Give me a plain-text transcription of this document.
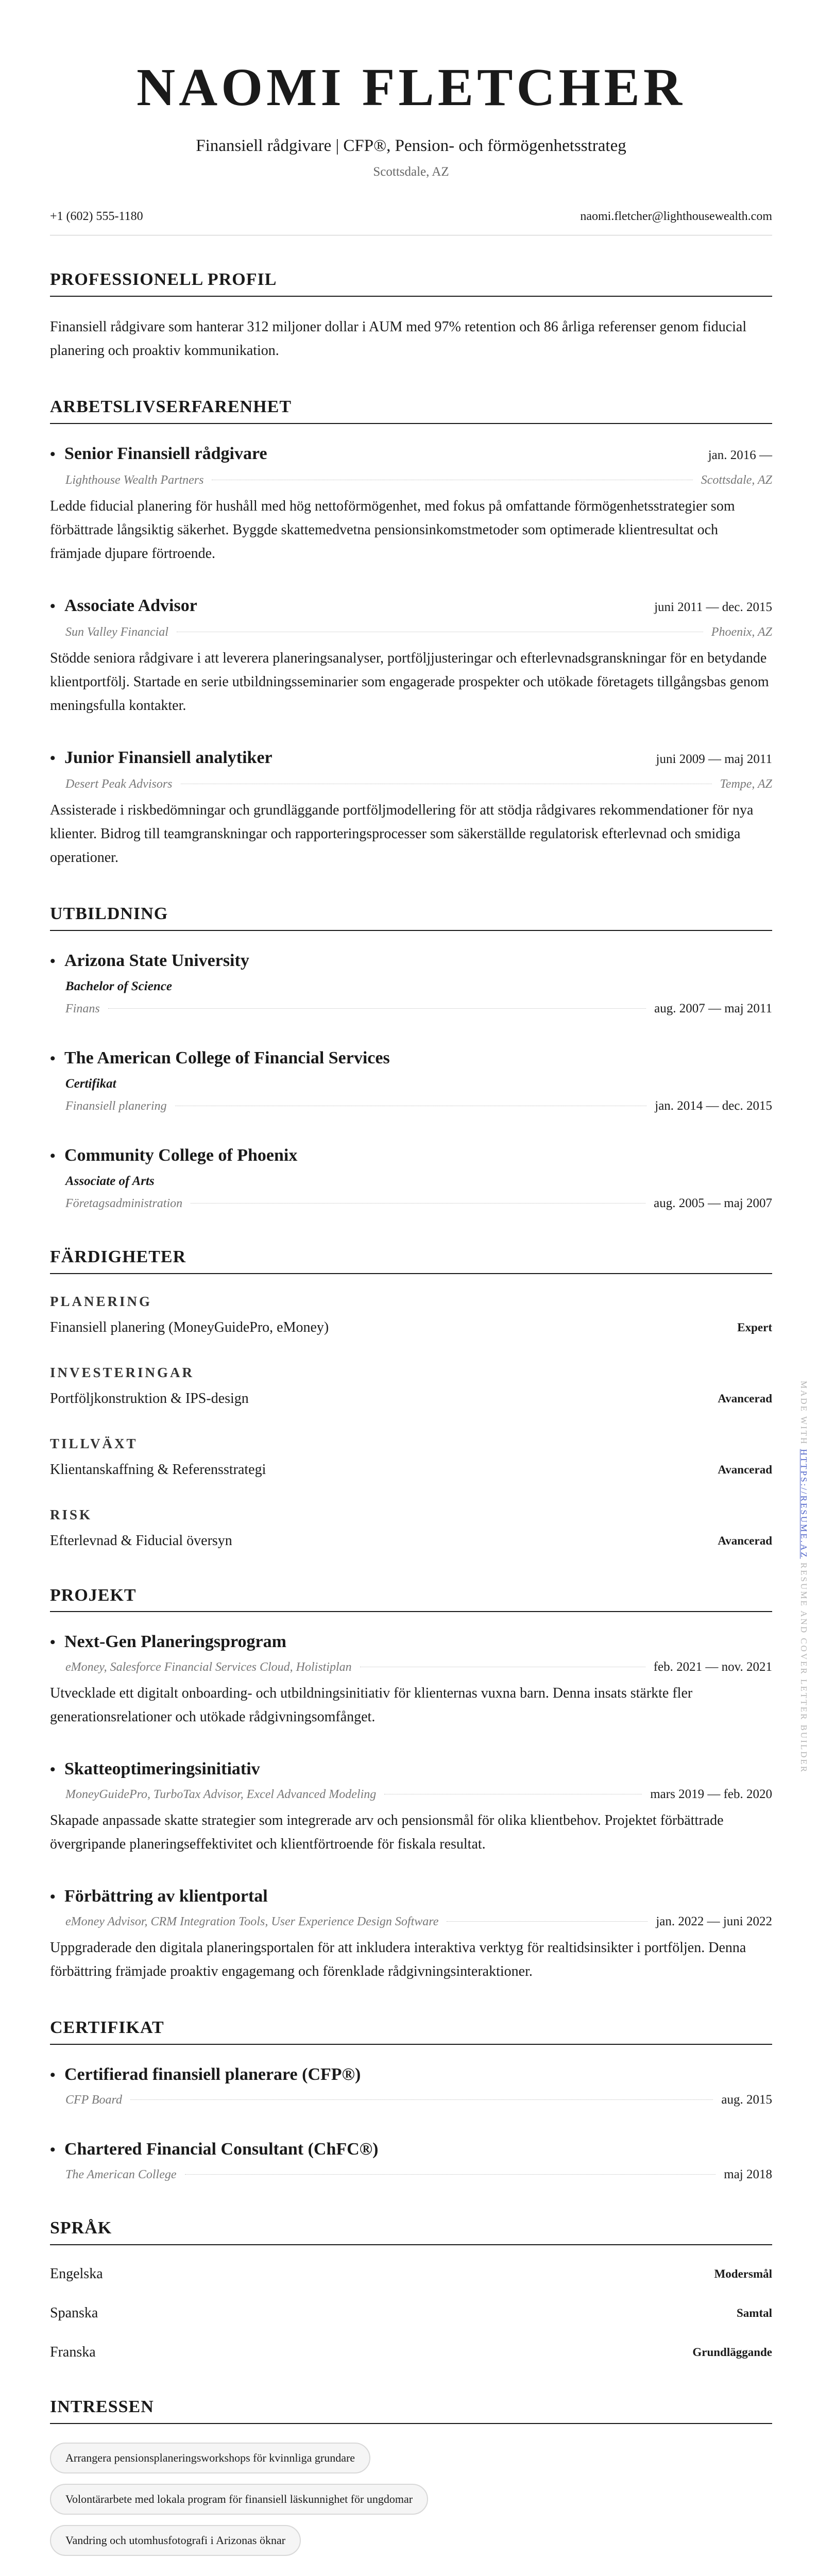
NAOMI FLETCHER
Finansiell rådgivare | CFP®, Pension- och förmögenhetsstrateg
Scottsdale, AZ
+1 (602) 555-1180	naomi.fletcher@lighthousewealth.com
PROFESSIONELL PROFIL

Finansiell rådgivare som hanterar 312 miljoner dollar i AUM med 97% retention och 86 årliga referenser genom fiducial planering och proaktiv kommunikation.

ARBETSLIVSERFARENHET
• Senior Finansiell rådgivare	jan. 2016 —
Lighthouse Wealth Partners	Scottsdale, AZ

Ledde fiducial planering för hushåll med hög nettoförmögenhet, med fokus på omfattande förmögenhetsstrategier som förbättrade långsiktig säkerhet. Byggde skattemedvetna pensionsinkomstmetoder som optimerade klientresultat och främjade djupare förtroende.

• Associate Advisor	juni 2011 — dec. 2015
Sun Valley Financial	Phoenix, AZ

Stödde seniora rådgivare i att leverera planeringsanalyser, portföljjusteringar och efterlevnadsgranskningar för en betydande klientportfölj. Startade en serie utbildningsseminarier som engagerade prospekter och utökade företagets tillgångsbas genom meningsfulla kontakter.

• Junior Finansiell analytiker	juni 2009 — maj 2011
Desert Peak Advisors	Tempe, AZ

Assisterade i riskbedömningar och grundläggande portföljmodellering för att stödja rådgivares rekommendationer för nya klienter. Bidrog till teamgranskningar och rapporteringsprocesser som säkerställde regulatorisk efterlevnad och smidiga operationer.

UTBILDNING
• Arizona State University
Bachelor of Science
Finans	aug. 2007 — maj 2011
• The American College of Financial Services
Certifikat
Finansiell planering	jan. 2014 — dec. 2015
• Community College of Phoenix
Associate of Arts
Företagsadministration	aug. 2005 — maj 2007
FÄRDIGHETER
PLANERING
Finansiell planering (MoneyGuidePro, eMoney)	Expert
INVESTERINGAR
Portföljkonstruktion & IPS-design	Avancerad
TILLVÄXT
Klientanskaffning & Referensstrategi	Avancerad
RISK
Efterlevnad & Fiducial översyn	Avancerad
PROJEKT
• Next-Gen Planeringsprogram
eMoney, Salesforce Financial Services Cloud, Holistiplan	feb. 2021 — nov. 2021

Utvecklade ett digitalt onboarding- och utbildningsinitiativ för klienternas vuxna barn. Denna insats stärkte fler generationsrelationer och utökade rådgivningsomfånget.

• Skatteoptimeringsinitiativ
MoneyGuidePro, TurboTax Advisor, Excel Advanced Modeling	mars 2019 — feb. 2020

Skapade anpassade skatte strategier som integrerade arv och pensionsmål för olika klientbehov. Projektet förbättrade övergripande planeringseffektivitet och klientförtroende för fiskala resultat.

• Förbättring av klientportal
eMoney Advisor, CRM Integration Tools, User Experience Design Software	jan. 2022 — juni 2022

Uppgraderade den digitala planeringsportalen för att inkludera interaktiva verktyg för realtidsinsikter i portföljen. Denna förbättring främjade proaktiv engagemang och förenklade rådgivningsinteraktioner.

CERTIFIKAT
• Certifierad finansiell planerare (CFP®)
CFP Board	aug. 2015
• Chartered Financial Consultant (ChFC®)
The American College	maj 2018
SPRÅK
Engelska	Modersmål
Spanska	Samtal
Franska	Grundläggande
INTRESSEN
Arrangera pensionsplaneringsworkshops för kvinnliga grundare
Volontärarbete med lokala program för finansiell läskunnighet för ungdomar
Vandring och utomhusfotografi i Arizonas öknar

MADE WITH HTTPS://RESUME.AZ RESUME AND COVER LETTER BUILDER
